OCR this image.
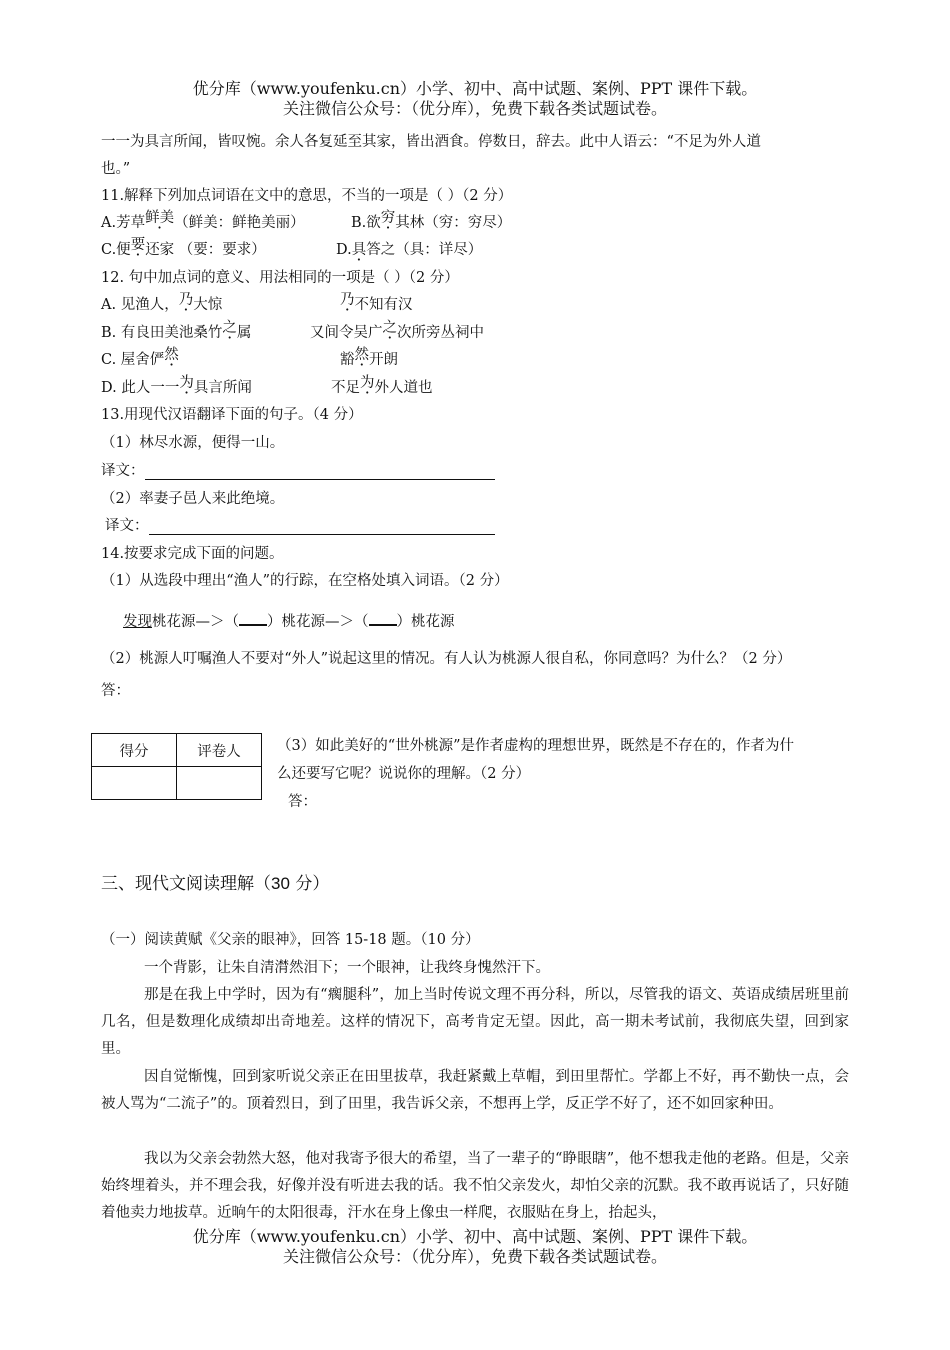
优分库（www.youfenku.cn）小学、初中、高中试题、案例、PPT 课件下载。
关注微信公众号：（优分库），免费下载各类试题试卷。
一一为具言所闻，皆叹惋。余人各复延至其家，皆出酒食。停数日，辞去。此中人语云：“不足为外人道
也。”
11.解释下列加点词语在文中的意思，不当的一项是（ ）（2 分）
A.芳草鲜美（鲜美：鲜艳美丽）	B.欲穷其林（穷：穷尽）
C.便要还家 （要：要求）	D.具答之（具：详尽）
12. 句中加点词的意义、用法相同的一项是（ ）（2 分）
A. 见渔人，乃大惊	乃不知有汉
B. 有良田美池桑竹之属	又间令吴广之次所旁丛祠中
C. 屋舍俨然	豁然开朗
D. 此人一一为具言所闻	不足为外人道也
13.用现代汉语翻译下面的句子。（4 分）
（1）林尽水源，便得一山。
译文：
（2）率妻子邑人来此绝境。
译文：
14.按要求完成下面的问题。
（1）从选段中理出“渔人”的行踪，在空格处填入词语。（2 分）
发现桃花源—＞（ ）桃花源—＞（ ）桃花源
（2）桃源人叮嘱渔人不要对“外人”说起这里的情况。有人认为桃源人很自私，你同意吗？为什么？（2 分）
答：
得分	评卷人
		（3）如此美好的“世外桃源”是作者虚构的理想世界，既然是不存在的，作者为什
么还要写它呢？说说你的理解。（2 分）
答：
三、现代文阅读理解（30 分）
（一）阅读黄赋《父亲的眼神》，回答 15-18 题。（10 分）
一个背影，让朱自清潸然泪下；一个眼神，让我终身愧然汗下。
那是在我上中学时，因为有“瘸腿科”，加上当时传说文理不再分科，所以，尽管我的语文、英语成绩居班里前几名，但是数理化成绩却出奇地差。这样的情况下，高考肯定无望。因此，高一期未考试前，我彻底失望，回到家里。
因自觉惭愧，回到家听说父亲正在田里拔草，我赶紧戴上草帽，到田里帮忙。学都上不好，再不勤快一点，会被人骂为“二流子”的。顶着烈日，到了田里，我告诉父亲，不想再上学，反正学不好了，还不如回家种田。
我以为父亲会勃然大怒，他对我寄予很大的希望，当了一辈子的“睁眼瞎”，他不想我走他的老路。但是，父亲始终埋着头，并不理会我，好像并没有听进去我的话。我不怕父亲发火，却怕父亲的沉默。我不敢再说话了，只好随着他卖力地拔草。近晌午的太阳很毒，汗水在身上像虫一样爬，衣服贴在身上，抬起头，
优分库（www.youfenku.cn）小学、初中、高中试题、案例、PPT 课件下载。
关注微信公众号：（优分库），免费下载各类试题试卷。
